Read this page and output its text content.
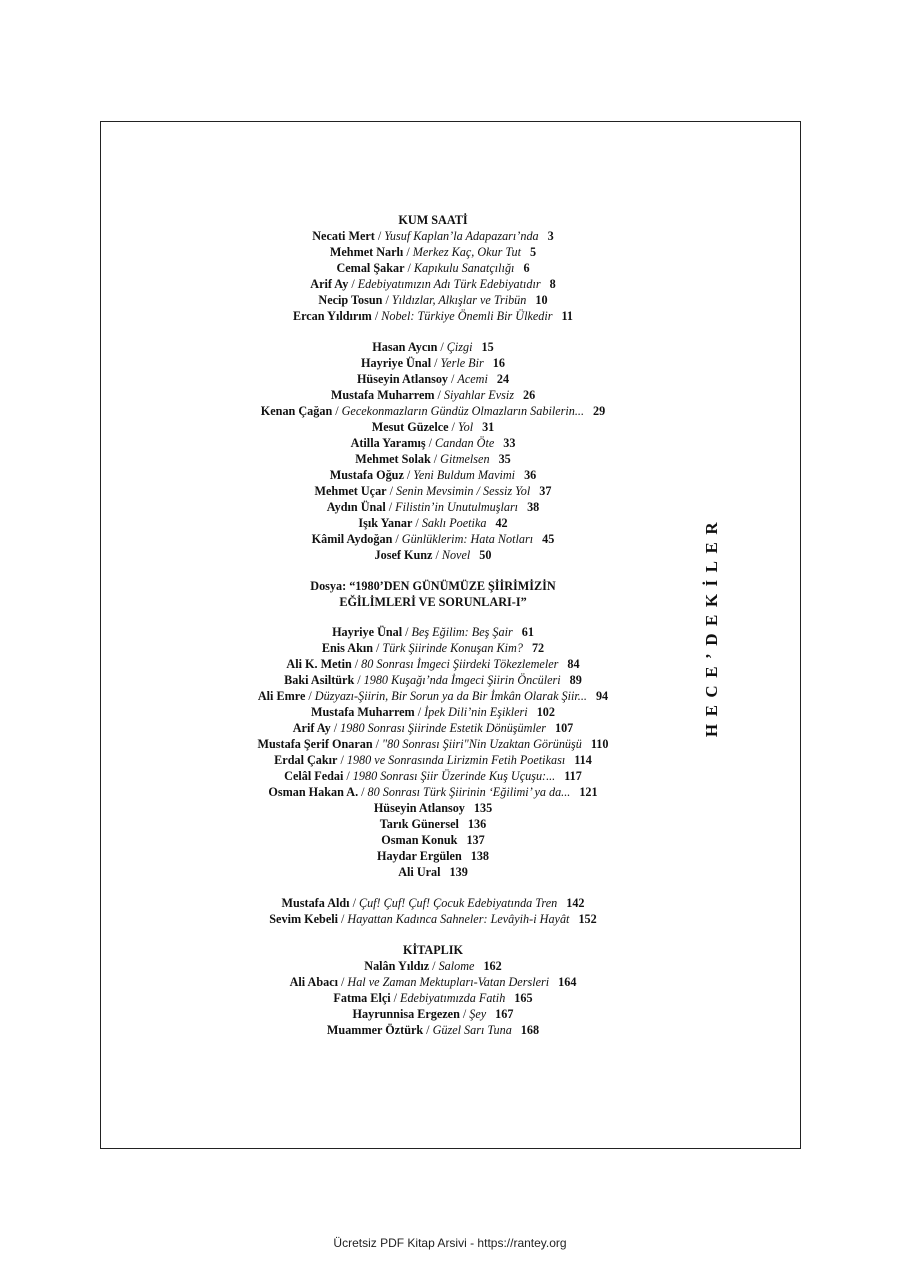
KUM SAATİ
Necati Mert / Yusuf Kaplan’la Adapazarı’nda 3
Mehmet Narlı / Merkez Kaç, Okur Tut 5
Cemal Şakar / Kapıkulu Sanatçılığı 6
Arif Ay / Edebiyatımızın Adı Türk Edebiyatıdır 8
Necip Tosun / Yıldızlar, Alkışlar ve Tribün 10
Ercan Yıldırım / Nobel: Türkiye Önemli Bir Ülkedir 11
Hasan Aycın / Çizgi 15
Hayriye Ünal / Yerle Bir 16
Hüseyin Atlansoy / Acemi 24
Mustafa Muharrem / Siyahlar Evsiz 26
Kenan Çağan / Gecekonmazların Gündüz Olmazların Sabilerin... 29
Mesut Güzelce / Yol 31
Atilla Yaramış / Candan Öte 33
Mehmet Solak / Gitmelsen 35
Mustafa Oğuz / Yeni Buldum Mavimi 36
Mehmet Uçar / Senin Mevsimin / Sessiz Yol 37
Aydın Ünal / Filistin’in Unutulmuşları 38
Işık Yanar / Saklı Poetika 42
Kâmil Aydoğan / Günlüklerim: Hata Notları 45
Josef Kunz / Novel 50
Dosya: “1980’DEN GÜNÜMÜZE ŞİİRİMİZİN
EĞİLİMLERİ VE SORUNLARI-I”
Hayriye Ünal / Beş Eğilim: Beş Şair 61
Enis Akın / Türk Şiirinde Konuşan Kim? 72
Ali K. Metin / 80 Sonrası İmgeci Şiirdeki Tökezlemeler 84
Baki Asiltürk / 1980 Kuşağı’nda İmgeci Şiirin Öncüleri 89
Ali Emre / Düzyazı-Şiirin, Bir Sorun ya da Bir İmkân Olarak Şiir... 94
Mustafa Muharrem / İpek Dili’nin Eşikleri 102
Arif Ay / 1980 Sonrası Şiirinde Estetik Dönüşümler 107
Mustafa Şerif Onaran / "80 Sonrası Şiiri"Nin Uzaktan Görünüşü 110
Erdal Çakır / 1980 ve Sonrasında Lirizmin Fetih Poetikası 114
Celâl Fedai / 1980 Sonrası Şiir Üzerinde Kuş Uçuşu:... 117
Osman Hakan A. / 80 Sonrası Türk Şiirinin ‘Eğilimi’ ya da... 121
Hüseyin Atlansoy 135
Tarık Günersel 136
Osman Konuk 137
Haydar Ergülen 138
Ali Ural 139
Mustafa Aldı / Çuf! Çuf! Çuf! Çocuk Edebiyatında Tren 142
Sevim Kebeli / Hayattan Kadınca Sahneler: Levâyih-i Hayât 152
KİTAPLIK
Nalân Yıldız / Salome 162
Ali Abacı / Hal ve Zaman Mektupları-Vatan Dersleri 164
Fatma Elçi / Edebiyatımızda Fatih 165
Hayrunnisa Ergezen / Şey 167
Muammer Öztürk / Güzel Sarı Tuna 168
HECE’DEKİLER
Ücretsiz PDF Kitap Arsivi - https://rantey.org
